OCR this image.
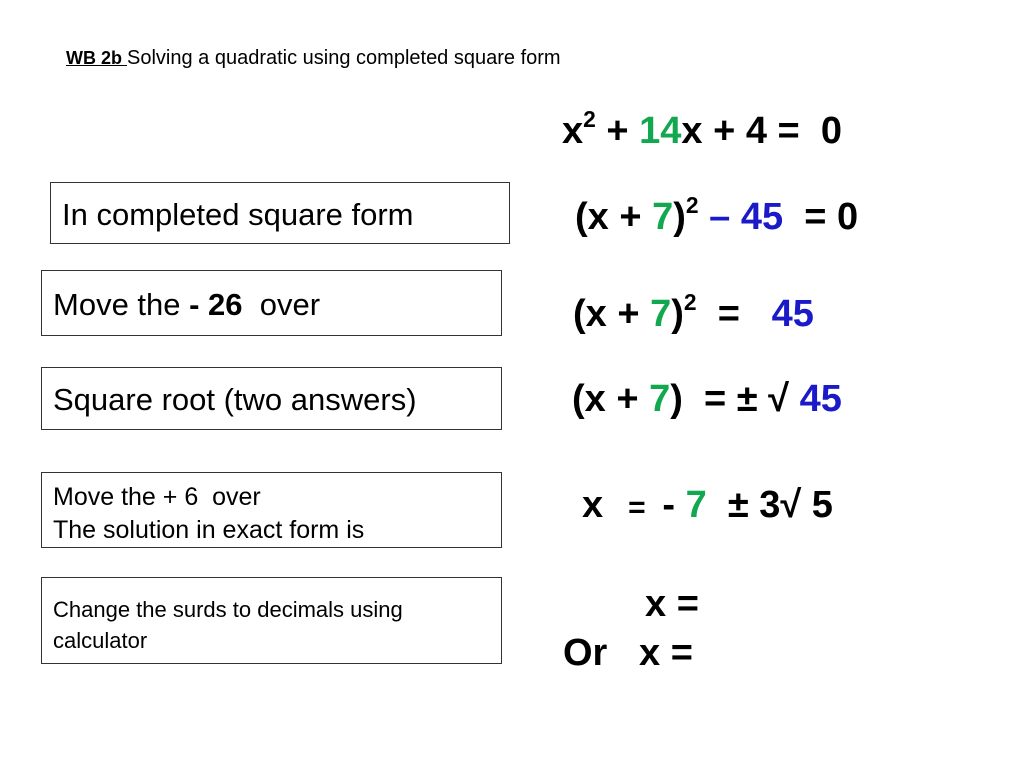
WB 2b Solving a quadratic using completed square form
In completed square form
Move the - 26  over
Square root (two answers)
Move the + 6  over
The solution in exact form is
Change the surds to decimals using
calculator
$x^2 + 14x + 4 = 0$
$(x + 7)^2 - 45 = 0$
$(x + 7)^2 = 45$
(x + 7)  = ± √ 45
x   =  - 7  ± 3√ 5
x =
Or   x =
